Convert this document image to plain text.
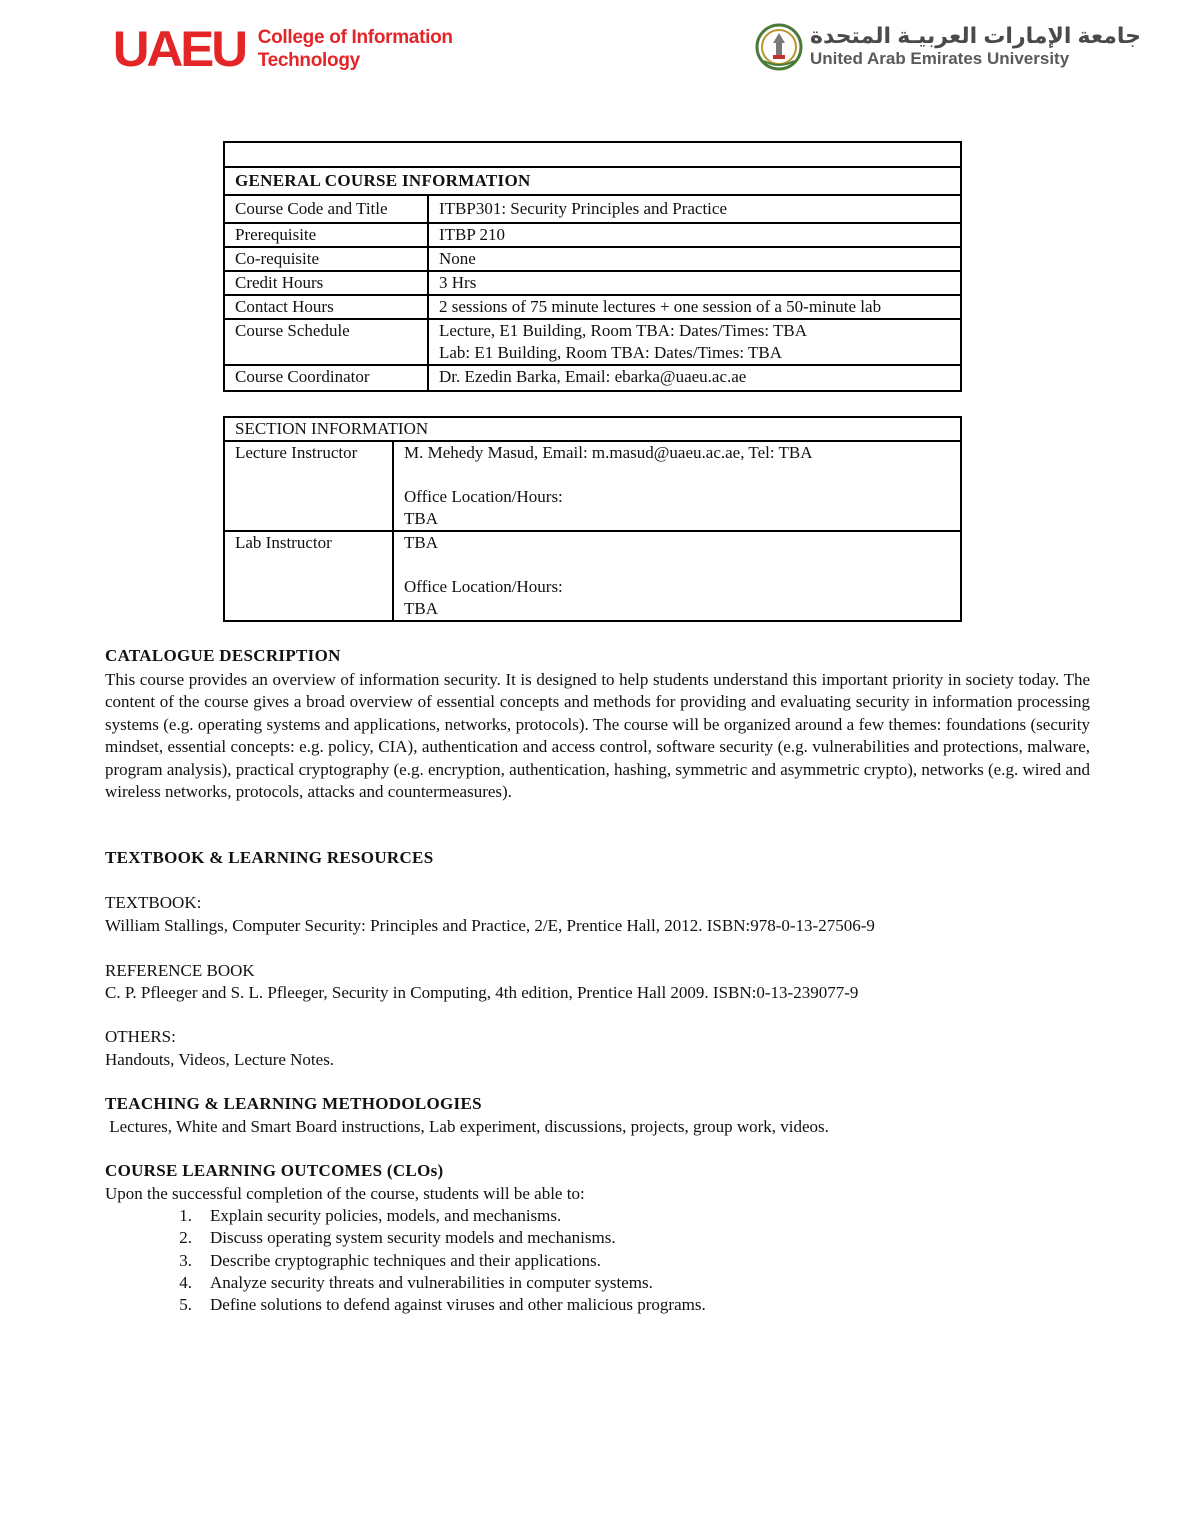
UAEU College of Information
Technology
جامعة الإمارات العربيـة المتحدة
United Arab Emirates University

GENERAL COURSE INFORMATION	
Course Code and Title	ITBP301: Security Principles and Practice
Prerequisite	ITBP 210
Co-requisite	None
Credit Hours	3 Hrs
Contact Hours	2 sessions of 75 minute lectures + one session of a 50-minute lab
Course Schedule	Lecture, E1 Building, Room TBA: Dates/Times: TBA
Lab: E1 Building, Room TBA: Dates/Times: TBA

Course Coordinator	Dr. Ezedin Barka, Email: ebarka@uaeu.ac.ae
SECTION INFORMATION	
Lecture Instructor	M. Mehedy Masud, Email: m.masud@uaeu.ac.ae, Tel: TBA
Office Location/Hours:
TBA

Lab Instructor	TBA
Office Location/Hours:
TBA
CATALOGUE DESCRIPTION
This course provides an overview of information security. It is designed to help students understand this important priority in society today. The content of the course gives a broad overview of essential concepts and methods for providing and evaluating security in information processing systems (e.g. operating systems and applications, networks, protocols). The course will be organized around a few themes: foundations (security mindset, essential concepts: e.g. policy, CIA), authentication and access control, software security (e.g. vulnerabilities and protections, malware, program analysis), practical cryptography (e.g. encryption, authentication, hashing, symmetric and asymmetric crypto), networks (e.g. wired and wireless networks, protocols, attacks and countermeasures).
TEXTBOOK & LEARNING RESOURCES
TEXTBOOK:
William Stallings, Computer Security: Principles and Practice, 2/E, Prentice Hall, 2012. ISBN:978-0-13-27506-9
REFERENCE BOOK
C. P. Pfleeger and S. L. Pfleeger, Security in Computing, 4th edition, Prentice Hall 2009. ISBN:0-13-239077-9
OTHERS:
Handouts, Videos, Lecture Notes.
TEACHING & LEARNING METHODOLOGIES
Lectures, White and Smart Board instructions, Lab experiment, discussions, projects, group work, videos.
COURSE LEARNING OUTCOMES (CLOs)
Upon the successful completion of the course, students will be able to:
1 .	Explain security policies, models, and mechanisms.
2 .	Discuss operating system security models and mechanisms.
3 .	Describe cryptographic techniques and their applications.
4 .	Analyze security threats and vulnerabilities in computer systems.
5 .	Define solutions to defend against viruses and other malicious programs.
